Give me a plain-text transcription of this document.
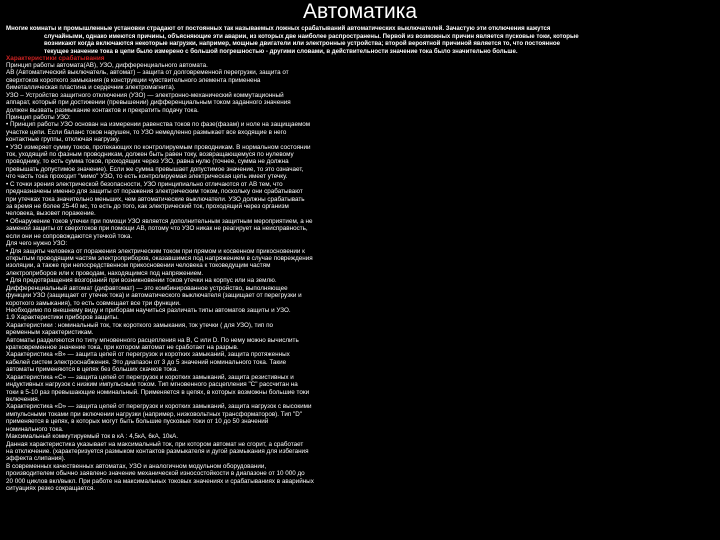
Автоматика

Многие комнаты и промышленные установки страдают от постоянных так называемых ложных срабатываний автоматических выключателей. Зачастую эти отключения кажутся

случайными, однако имеются причины, объясняющие эти аварии, из которых две наиболее распространены. Первой из возможных причин является пусковые токи, которые

возникают когда включаются некоторые нагрузки, например, мощные двигатели или электронные устройства; второй вероятной причиной является то, что постоянное

текущее значение тока в цепи было измерено с большой погрешностью - другими словами, в действительности значение тока было значительно больше.

Характеристики срабатывания

Принцип работы автомата(АВ), УЗО, дифференциального автомата.

АВ (Автоматический выключатель, автомат) – защита от долговременной перегрузки, защита от

сверхтоков короткого замыкания (в конструкции чувствительного элемента применена

биметаллическая пластина и сердечник электромагнита).

УЗО – Устройство защитного отключения (УЗО) — электронно-механический коммутационный

аппарат, который при достижении (превышении) дифференциальным током заданного значения

должен вызвать размыкание контактов и прекратить подачу тока.

Принцип работы УЗО:

• Принцип работы УЗО основан на измерении равенства токов по фазе(фазам) и ноле на защищаемом

участке цепи. Если баланс токов нарушен, то УЗО немедленно размыкает все входящие в него

контактные группы, отключая нагрузку.

• УЗО измеряет сумму токов, протекающих по контролируемым проводникам. В нормальном состоянии

ток, уходящий по фазным проводникам, должен быть равен току, возвращающемуся по нулевому

проводнику, то есть сумма токов, проходящих через УЗО, равна нулю (точнее, сумма не должна

превышать допустимое значение). Если же сумма превышает допустимое значение, то это означает,

что часть тока проходит "мимо" УЗО, то есть контролируемая электрическая цепь имеет утечку.

• С точки зрения электрической безопасности, УЗО принципиально отличаются от АВ тем, что

предназначены именно для защиты от поражения электрическим током, поскольку они срабатывают

при утечках тока значительно меньших, чем автоматические выключатели. УЗО должны срабатывать

за время не более 25-40 мс, то есть до того, как электрический ток, проходящий через организм

человека, вызовет поражение.

• Обнаружение токов утечки при помощи УЗО является дополнительным защитным мероприятием, а не

заменой защиты от сверхтоков при помощи АВ, потому что УЗО никак не реагирует на неисправность,

если они не сопровождаются утечкой тока.

Для чего нужно УЗО:

• Для защиты человека от поражения электрическим током при прямом и косвенном прикосновении к

открытым проводящим частям электроприборов, оказавшимся под напряжением в случае повреждения

изоляции, а также при непосредственном прикосновении человека к токоведущим частям

электроприборов или к проводам, находящимся под напряжением.

• Для предотвращения возгораний при возникновении токов утечки на корпус или на землю.

Дифференциальный автомат (дифавтомат) — это комбинированное устройство, выполняющее

функции УЗО (защищает от утечек тока) и автоматического выключателя (защищает от перегрузки и

короткого замыкания), то есть совмещает все три функции.

Необходимо по внешнему виду и приборам научиться различать типы автоматов защиты и УЗО.

1.9 Характеристики приборов защиты.

Характеристики : номинальный ток, ток короткого замыкания, ток утечки ( для УЗО), тип по

временным характеристикам.

Автоматы разделяются по типу мгновенного расцепления на B, C или D. По нему можно вычислить

кратковременное значение тока, при котором автомат не сработает на разрыв.

Характеристика «B» — защита цепей от перегрузок и коротких замыканий, защита протяженных

кабелей систем электроснабжения. Это диапазон от 3 до 5 значений номинального тока. Такие

автоматы применяются в цепях без больших скачков тока.

Характеристика «C» — защита цепей от перегрузок и коротких замыканий, защита резистивных и

индуктивных нагрузок с низким импульсным током. Тип мгновенного расцепления "C" рассчитан на

токи в 5-10 раз превышающие номинальный. Применяется в цепях, в которых возможны большие токи

включения.

Характеристика «D» — защита цепей от перегрузок и коротких замыканий, защита нагрузок с высокими

импульсными токами при включении нагрузки (например, низковольтных трансформаторов). Тип "D"

применяется в цепях, в которых могут быть большие пусковые токи от 10 до 50 значений

номинального тока.

Максимальный коммутируемый ток в кА : 4,5кА, 6кА, 10кА.

Данная характеристика указывает на максимальный ток, при котором автомат не сгорит, а сработает

на отключение. (характеризуется размыком контактов размыкателя и дугой размыкания для избегания

эффекта слипания).

В современных качественных автоматах, УЗО и аналогичном модульном оборудовании,

производителем обычно заявлено значение механической износостойкости в диапазоне от 10 000 до

20 000 циклов вкл/выкл. При работе на максимальных токовых значениях и срабатываниях в аварийных

ситуациях резко сокращается.
